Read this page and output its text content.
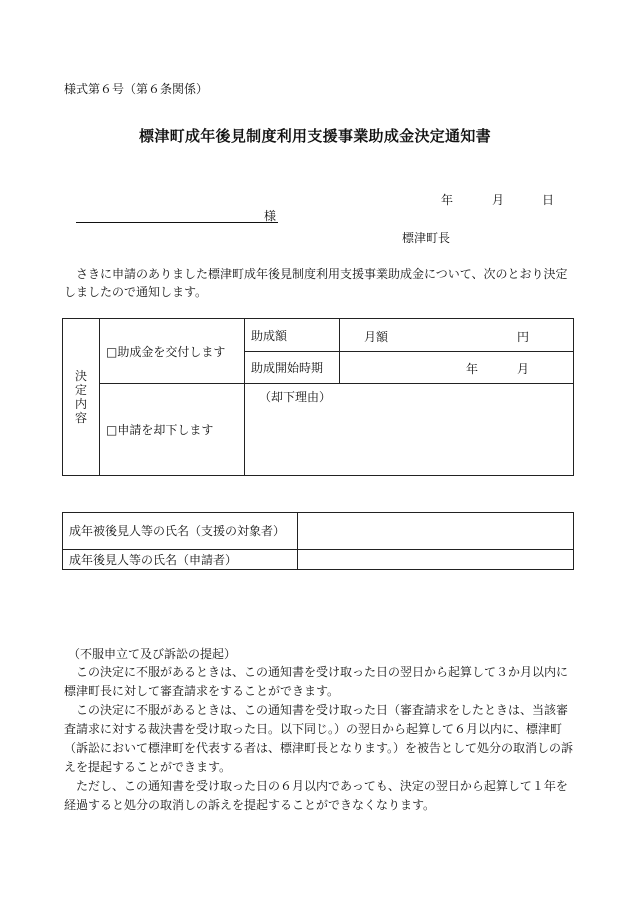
様式第６号（第６条関係）
標津町成年後見制度利用支援事業助成金決定通知書
年	月	日
様
標津町長
さきに申請のありました標津町成年後見制度利用支援事業助成金について、次のとおり決定しましたので通知します。
決
定
内
容	□助成金を交付します	助成額	月額 円

		助成開始時期	年 月

	□申請を却下します	（却下理由）	
成年被後見人等の氏名（支援の対象者）	
成年後見人等の氏名（申請者）	
（不服申立て及び訴訟の提起）
この決定に不服があるときは、この通知書を受け取った日の翌日から起算して３か月以内に標津町長に対して審査請求をすることができます。
この決定に不服があるときは、この通知書を受け取った日（審査請求をしたときは、当該審査請求に対する裁決書を受け取った日。以下同じ。）の翌日から起算して６月以内に、標津町（訴訟において標津町を代表する者は、標津町長となります。）を被告として処分の取消しの訴えを提起することができます。
ただし、この通知書を受け取った日の６月以内であっても、決定の翌日から起算して１年を経過すると処分の取消しの訴えを提起することができなくなります。
